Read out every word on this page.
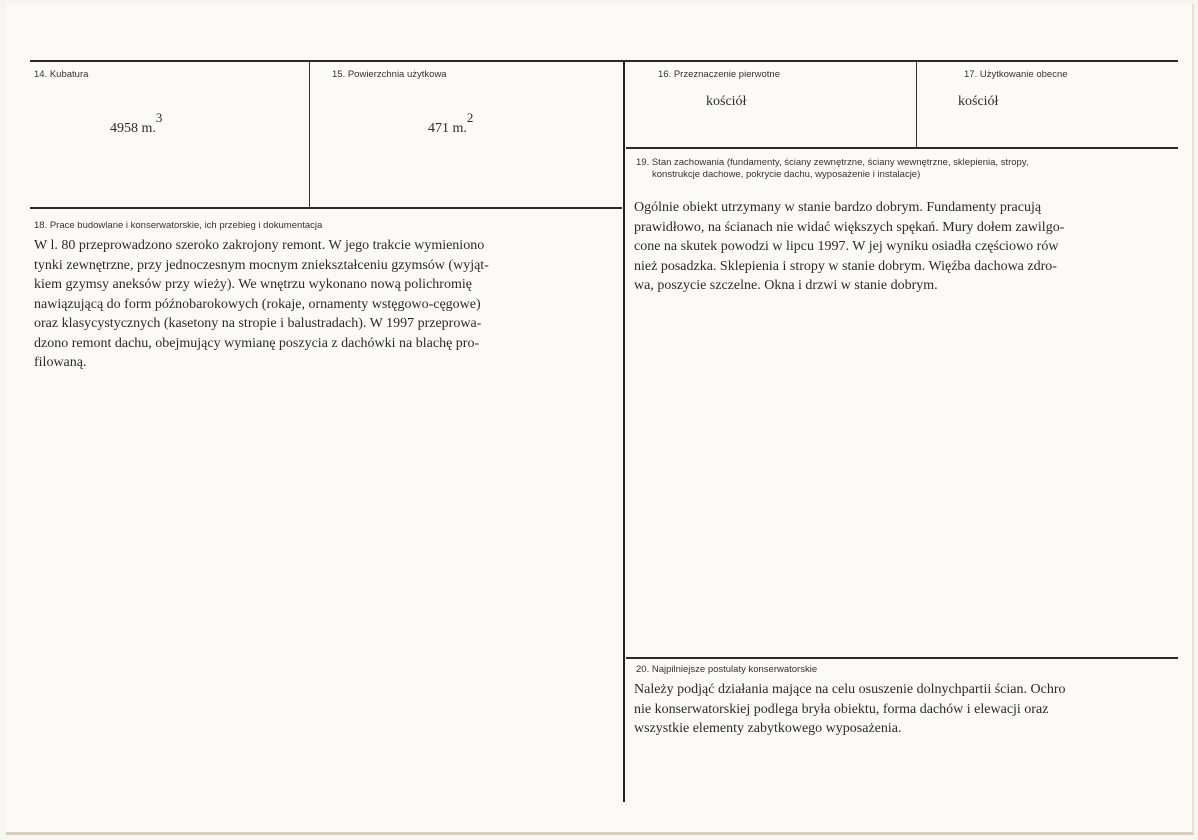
14. Kubatura
4958 m.3
15. Powierzchnia użytkowa
471 m.2
16. Przeznaczenie pierwotne
kościół
17. Użytkowanie obecne
kościół
18. Prace budowlane i konserwatorskie, ich przebieg i dokumentacja
W l. 80 przeprowadzono szeroko zakrojony remont. W jego trakcie wymieniono
tynki zewnętrzne, przy jednoczesnym mocnym zniekształceniu gzymsów (wyjąt-
kiem gzymsy aneksów przy wieży). We wnętrzu wykonano nową polichromię
nawiązującą do form późnobarokowych (rokaje, ornamenty wstęgowo-cęgowe)
oraz klasycystycznych (kasetony na stropie i balustradach). W 1997 przeprowa-
dzono remont dachu, obejmujący wymianę poszycia z dachówki na blachę pro-
filowaną.
19. Stan zachowania (fundamenty, ściany zewnętrzne, ściany wewnętrzne, sklepienia, stropy,
konstrukcje dachowe, pokrycie dachu, wyposażenie i instalacje)
Ogólnie obiekt utrzymany w stanie bardzo dobrym. Fundamenty pracują
prawidłowo, na ścianach nie widać większych spękań. Mury dołem zawilgo-
cone na skutek powodzi w lipcu 1997. W jej wyniku osiadła częściowo rów
nież posadzka. Sklepienia i stropy w stanie dobrym. Więźba dachowa zdro-
wa, poszycie szczelne. Okna i drzwi w stanie dobrym.
20. Najpilniejsze postulaty konserwatorskie
Należy podjąć działania mające na celu osuszenie dolnychpartii ścian. Ochro
nie konserwatorskiej podlega bryła obiektu, forma dachów i elewacji oraz
wszystkie elementy zabytkowego wyposażenia.
